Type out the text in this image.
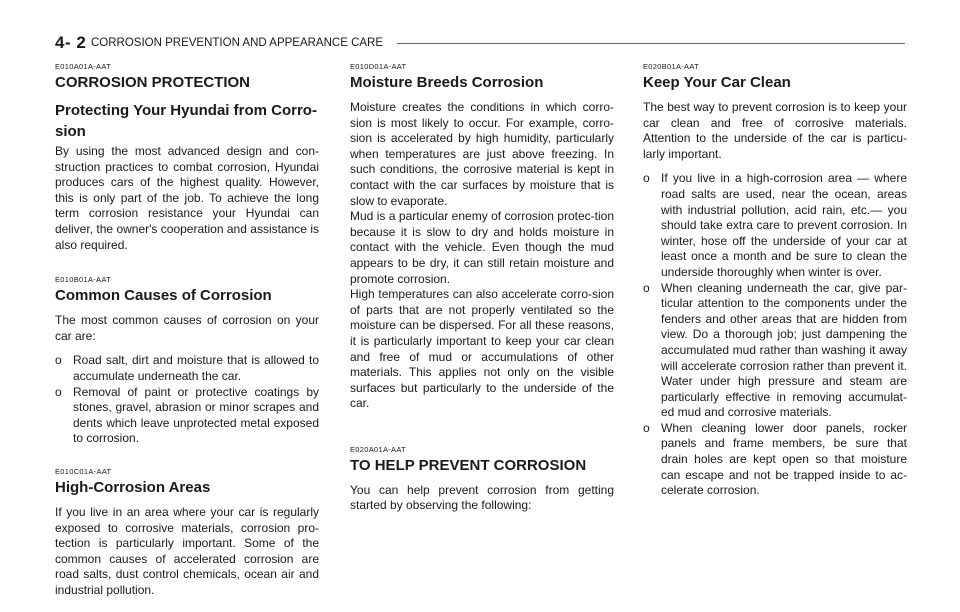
4- 2 CORROSION PREVENTION AND APPEARANCE CARE
E010A01A-AAT
CORROSION PROTECTION
Protecting Your Hyundai from Corro-sion

By using the most advanced design and con-struction practices to combat corrosion, Hyundai produces cars of the highest quality. However, this is only part of the job. To achieve the long term corrosion resistance your Hyundai can deliver, the owner's cooperation and assistance is also required.

E010B01A-AAT
Common Causes of Corrosion

The most common causes of corrosion on your car are:

o Road salt, dirt and moisture that is allowed to accumulate underneath the car.
o Removal of paint or protective coatings by stones, gravel, abrasion or minor scrapes and dents which leave unprotected metal exposed to corrosion.
E010C01A-AAT
High-Corrosion Areas

If you live in an area where your car is regularly exposed to corrosive materials, corrosion pro-tection is particularly important. Some of the common causes of accelerated corrosion are road salts, dust control chemicals, ocean air and industrial pollution.

E010D01A-AAT
Moisture Breeds Corrosion

Moisture creates the conditions in which corro-sion is most likely to occur. For example, corro-sion is accelerated by high humidity, particularly when temperatures are just above freezing. In such conditions, the corrosive material is kept in contact with the car surfaces by moisture that is slow to evaporate.

Mud is a particular enemy of corrosion protec-tion because it is slow to dry and holds moisture in contact with the vehicle. Even though the mud appears to be dry, it can still retain moisture and promote corrosion.

High temperatures can also accelerate corro-sion of parts that are not properly ventilated so the moisture can be dispersed. For all these reasons, it is particularly important to keep your car clean and free of mud or accumulations of other materials. This applies not only on the visible surfaces but particularly to the underside of the car.

E020A01A-AAT
TO HELP PREVENT CORROSION

You can help prevent corrosion from getting started by observing the following:

E020B01A-AAT
Keep Your Car Clean

The best way to prevent corrosion is to keep your car clean and free of corrosive materials. Attention to the underside of the car is particu-larly important.

o If you live in a high-corrosion area — where road salts are used, near the ocean, areas with industrial pollution, acid rain, etc.— you should take extra care to prevent corrosion. In winter, hose off the underside of your car at least once a month and be sure to clean the underside thoroughly when winter is over.
o When cleaning underneath the car, give par-ticular attention to the components under the fenders and other areas that are hidden from view. Do a thorough job; just dampening the accumulated mud rather than washing it away will accelerate corrosion rather than prevent it. Water under high pressure and steam are particularly effective in removing accumulat-ed mud and corrosive materials.
o When cleaning lower door panels, rocker panels and frame members, be sure that drain holes are kept open so that moisture can escape and not be trapped inside to ac-celerate corrosion.
